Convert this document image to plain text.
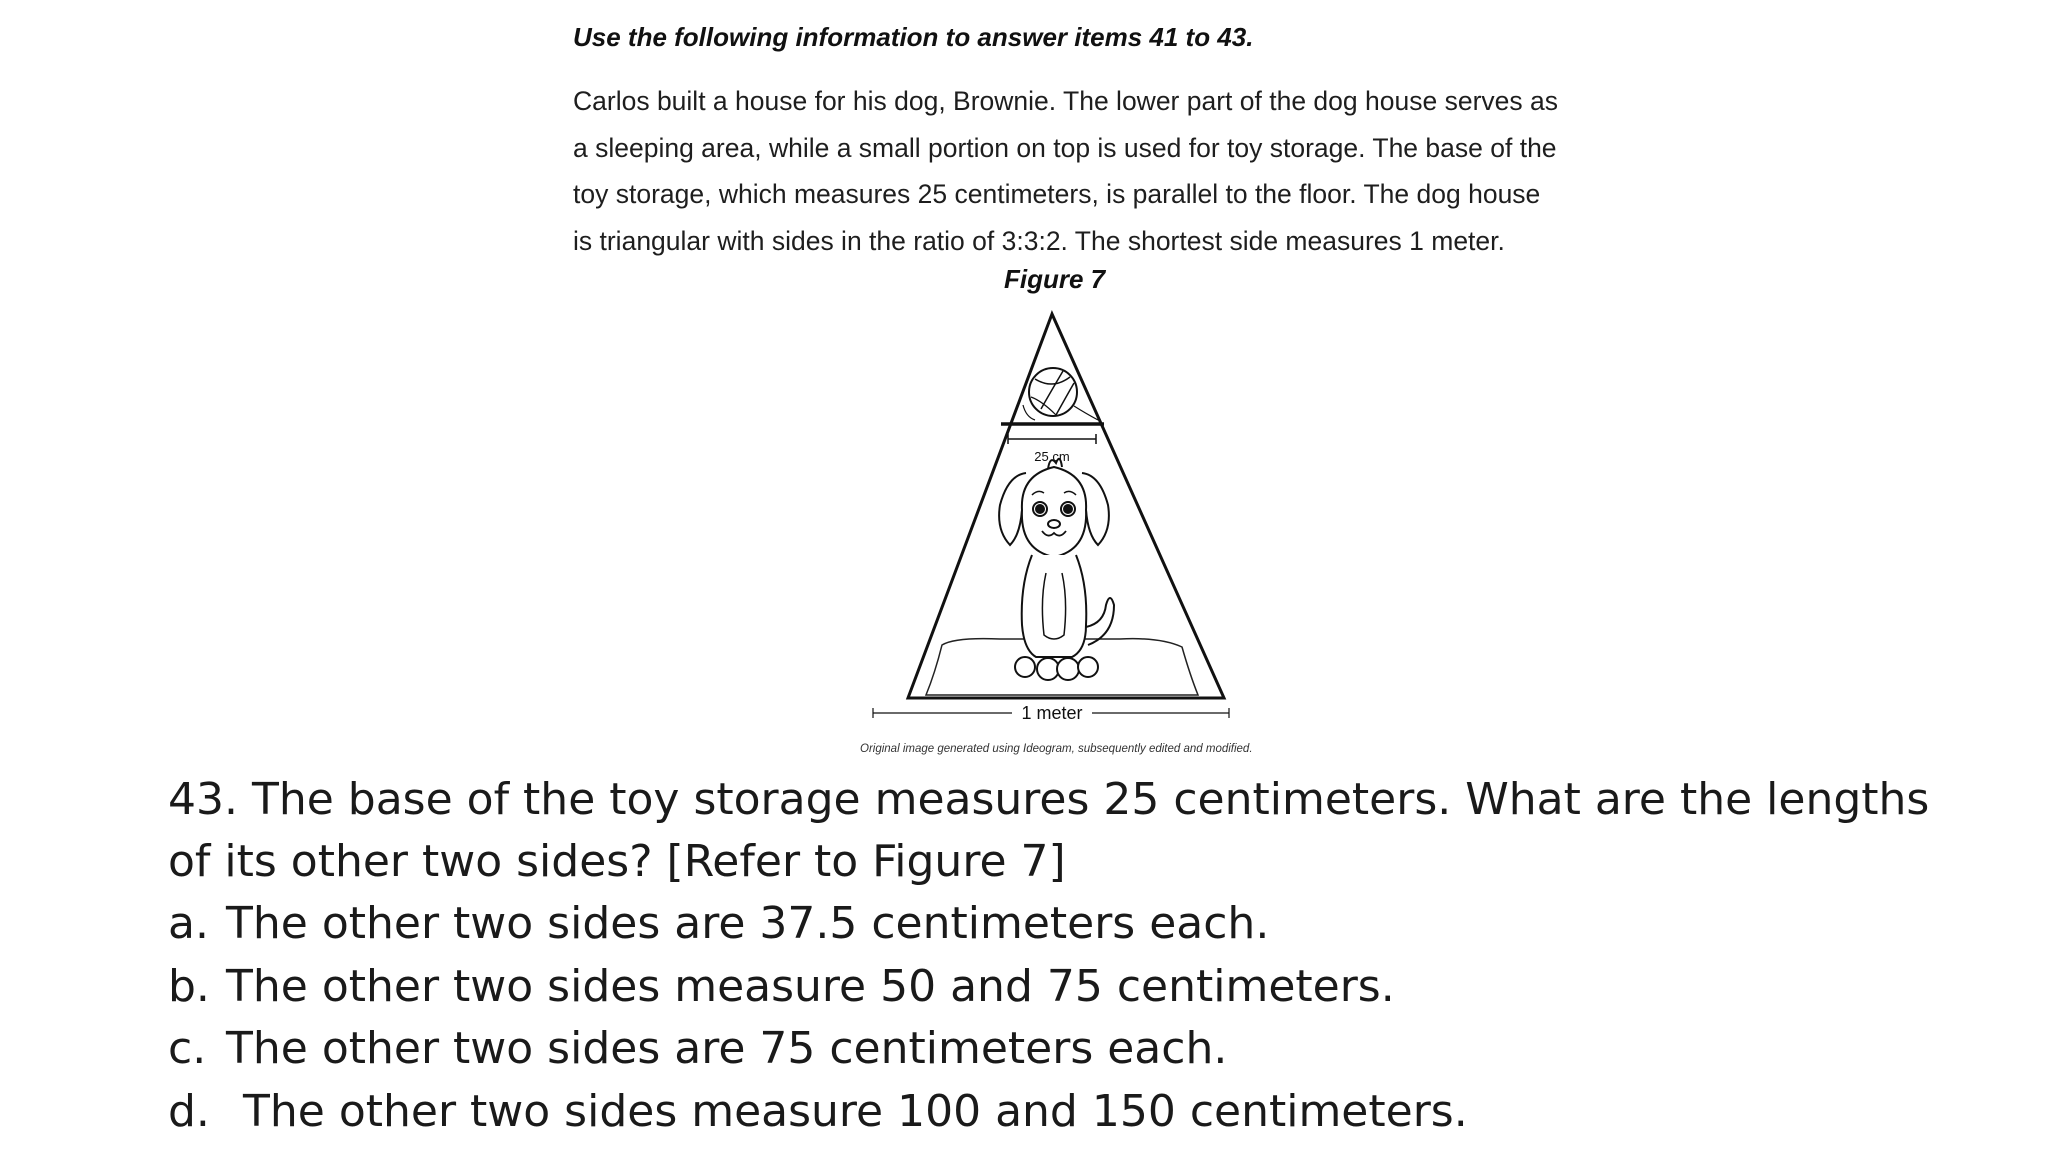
Use the following information to answer items 41 to 43.
Carlos built a house for his dog, Brownie. The lower part of the dog house serves as
a sleeping area, while a small portion on top is used for toy storage. The base of the
toy storage, which measures 25 centimeters, is parallel to the floor. The dog house
is triangular with sides in the ratio of 3:3:2. The shortest side measures 1 meter.
Figure 7
25 cm
1 meter
Original image generated using Ideogram, subsequently edited and modified.
43. The base of the toy storage measures 25 centimeters. What are the lengths
of its other two sides? [Refer to Figure 7]
a. The other two sides are 37.5 centimeters each.
b. The other two sides measure 50 and 75 centimeters.
c. The other two sides are 75 centimeters each.
d. The other two sides measure 100 and 150 centimeters.
